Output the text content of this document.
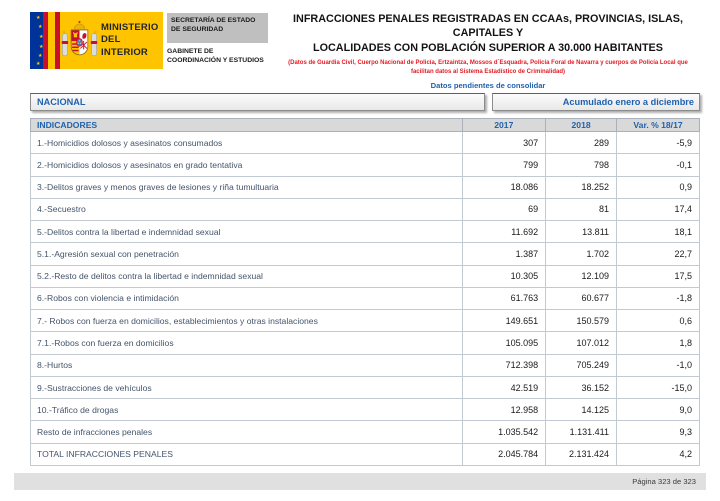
★
★
★
★
★
★
MINISTERIO
DEL INTERIOR
SECRETARÍA DE ESTADO DE SEGURIDAD
GABINETE DE COORDINACIÓN Y ESTUDIOS
INFRACCIONES PENALES REGISTRADAS EN CCAAs, PROVINCIAS, ISLAS, CAPITALES Y
LOCALIDADES CON POBLACIÓN SUPERIOR A 30.000 HABITANTES
(Datos de Guardia Civil, Cuerpo Nacional de Policía, Ertzaintza, Mossos d´Esquadra, Policía Foral de Navarra y cuerpos de Policía Local que facilitan datos al Sistema Estadístico de Criminalidad)
Datos pendientes de consolidar
NACIONAL	Acumulado enero a diciembre
INDICADORES	2017	2018	Var. % 18/17
1.-Homicidios dolosos y asesinatos consumados	307	289	-5,9
2.-Homicidios dolosos y asesinatos en grado tentativa	799	798	-0,1
3.-Delitos graves y menos graves de lesiones y riña tumultuaria	18.086	18.252	0,9
4.-Secuestro	69	81	17,4
5.-Delitos contra la libertad e indemnidad sexual	11.692	13.811	18,1
5.1.-Agresión sexual con penetración	1.387	1.702	22,7
5.2.-Resto de delitos contra la libertad e indemnidad sexual	10.305	12.109	17,5
6.-Robos con violencia e intimidación	61.763	60.677	-1,8
7.- Robos con fuerza en domicilios, establecimientos y otras instalaciones	149.651	150.579	0,6
7.1.-Robos con fuerza en domicilios	105.095	107.012	1,8
8.-Hurtos	712.398	705.249	-1,0
9.-Sustracciones de vehículos	42.519	36.152	-15,0
10.-Tráfico de drogas	12.958	14.125	9,0
Resto de infracciones penales	1.035.542	1.131.411	9,3
TOTAL INFRACCIONES PENALES	2.045.784	2.131.424	4,2
Página 323 de 323
